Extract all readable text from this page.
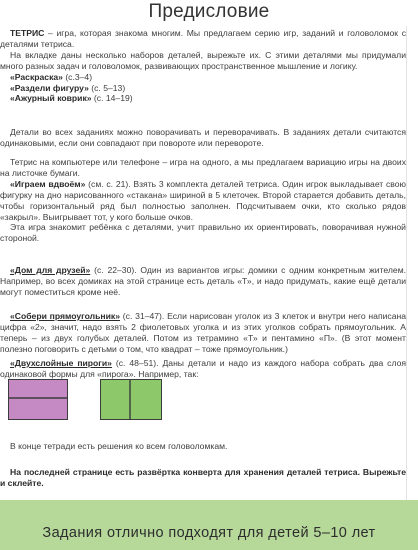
Предисловие

ТЕТРИС – игра, которая знакома многим. Мы предлагаем серию игр, заданий и головоломок с деталями тетриса.

На вкладке даны несколько наборов деталей, вырежьте их. С этими деталями мы придумали много разных задач и головоломок, развивающих пространственное мышление и логику.

«Раскраска» (с.3–4)

«Раздели фигуру» (с. 5–13)

«Ажурный коврик» (с. 14–19)

Детали во всех заданиях можно поворачивать и переворачивать. В заданиях детали считаются одинаковыми, если они совпадают при повороте или перевороте.

Тетрис на компьютере или телефоне – игра на одного, а мы предлагаем вариацию игры на двоих на листочке бумаги.

«Играем вдвоём» (см. с. 21). Взять 3 комплекта деталей тетриса. Один игрок выкладывает свою фигурку на дно нарисованного «стакана» шириной в 5 клеточек. Второй старается добавить деталь, чтобы горизонтальный ряд был полностью заполнен. Подсчитываем очки, кто сколько рядов «закрыл». Выигрывает тот, у кого больше очков.

Эта игра знакомит ребёнка с деталями, учит правильно их ориентировать, поворачивая нужной стороной.

«Дом для друзей» (с. 22–30). Один из вариантов игры: домики с одним конкретным жителем. Например, во всех домиках на этой странице есть деталь «Т», и надо придумать, какие ещё детали могут поместиться кроме неё.

«Собери прямоугольник» (с. 31–47). Если нарисован уголок из 3 клеток и внутри него написана цифра «2», значит, надо взять 2 фиолетовых уголка и из этих уголков собрать прямоугольник. А теперь – из двух голубых деталей. Потом из тетрамино «Т» и пентамино «П». (В этот момент полезно поговорить с детьми о том, что квадрат – тоже прямоугольник.)

«Двухслойные пироги» (с. 48–51). Даны детали и надо из каждого набора собрать два слоя одинаковой формы для «пирога». Например, так:

В конце тетради есть решения ко всем головоломкам.

На последней странице есть развёртка конверта для хранения деталей тетриса. Вырежьте и склейте.

Задания отлично подходят для детей 5–10 лет
